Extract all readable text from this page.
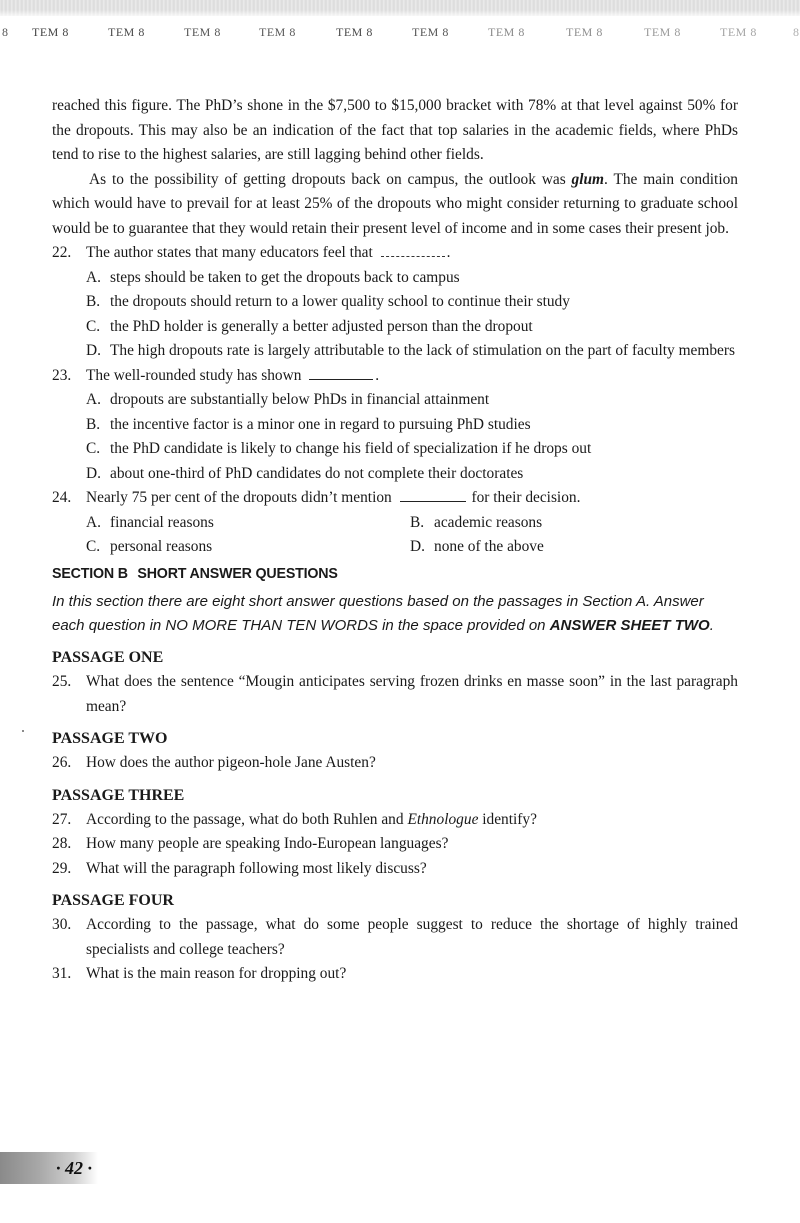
8 TEM 8	TEM 8	TEM 8	TEM 8	TEM 8	TEM 8	TEM 8	TEM 8	TEM 8	TEM 8	8

reached this figure. The PhD’s shone in the $7,500 to $15,000 bracket with 78% at that level against 50% for the dropouts. This may also be an indication of the fact that top salaries in the academic fields, where PhDs tend to rise to the highest salaries, are still lagging behind other fields.

As to the possibility of getting dropouts back on campus, the outlook was glum. The main condition which would have to prevail for at least 25% of the dropouts who might consider returning to graduate school would be to guarantee that they would retain their present level of income and in some cases their present job.

22. The author states that many educators feel that	.
A. steps should be taken to get the dropouts back to campus
B. the dropouts should return to a lower quality school to continue their study
C. the PhD holder is generally a better adjusted person than the dropout
D. The high dropouts rate is largely attributable to the lack of stimulation on the part of faculty members
23. The well-rounded study has shown	.
A. dropouts are substantially below PhDs in financial attainment
B. the incentive factor is a minor one in regard to pursuing PhD studies
C. the PhD candidate is likely to change his field of specialization if he drops out
D. about one-third of PhD candidates do not complete their doctorates
24. Nearly 75 per cent of the dropouts didn’t mention	for their decision.
A. financial reasons	B. academic reasons
C. personal reasons	D. none of the above
SECTION B SHORT ANSWER QUESTIONS

In this section there are eight short answer questions based on the passages in Section A. Answer each question in NO MORE THAN TEN WORDS in the space provided on ANSWER SHEET TWO.

PASSAGE ONE
25. What does the sentence “Mougin anticipates serving frozen drinks en masse soon” in the last paragraph mean?
PASSAGE TWO
26. How does the author pigeon-hole Jane Austen?
PASSAGE THREE
27. According to the passage, what do both Ruhlen and Ethnologue identify?
28. How many people are speaking Indo-European languages?
29. What will the paragraph following most likely discuss?
PASSAGE FOUR
30. According to the passage, what do some people suggest to reduce the shortage of highly trained specialists and college teachers?
31. What is the main reason for dropping out?
· 42 ·
